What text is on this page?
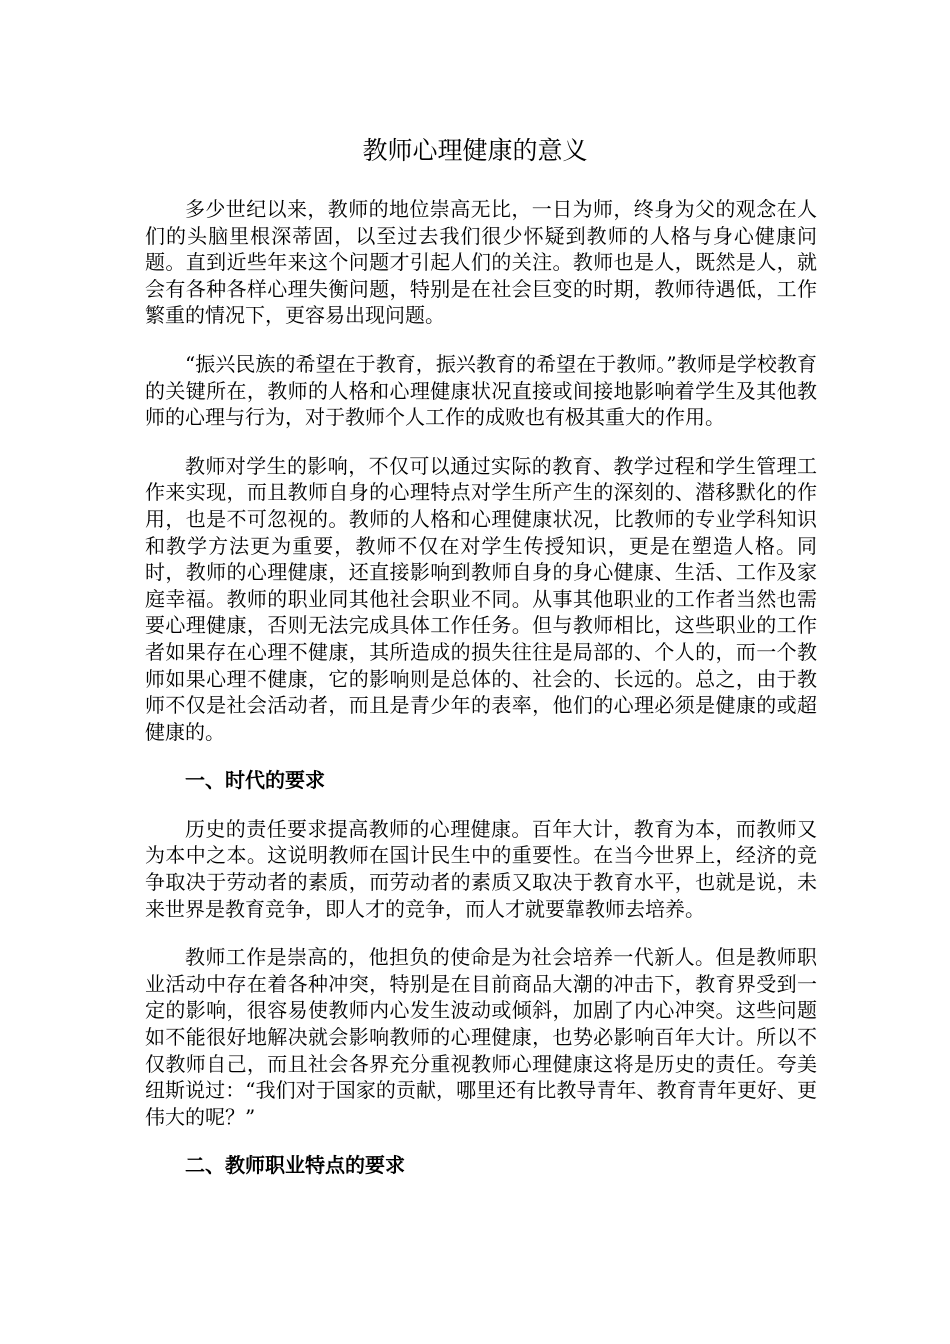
教师心理健康的意义

多少世纪以来，教师的地位崇高无比，一日为师，终身为父的观念在人们的头脑里根深蒂固，以至过去我们很少怀疑到教师的人格与身心健康问题。直到近些年来这个问题才引起人们的关注。教师也是人，既然是人，就会有各种各样心理失衡问题，特别是在社会巨变的时期，教师待遇低，工作繁重的情况下，更容易出现问题。

“振兴民族的希望在于教育，振兴教育的希望在于教师。”教师是学校教育的关键所在，教师的人格和心理健康状况直接或间接地影响着学生及其他教师的心理与行为，对于教师个人工作的成败也有极其重大的作用。

教师对学生的影响，不仅可以通过实际的教育、教学过程和学生管理工作来实现，而且教师自身的心理特点对学生所产生的深刻的、潜移默化的作用，也是不可忽视的。教师的人格和心理健康状况，比教师的专业学科知识和教学方法更为重要，教师不仅在对学生传授知识，更是在塑造人格。同时，教师的心理健康，还直接影响到教师自身的身心健康、生活、工作及家庭幸福。教师的职业同其他社会职业不同。从事其他职业的工作者当然也需要心理健康，否则无法完成具体工作任务。但与教师相比，这些职业的工作者如果存在心理不健康，其所造成的损失往往是局部的、个人的，而一个教师如果心理不健康，它的影响则是总体的、社会的、长远的。总之，由于教师不仅是社会活动者，而且是青少年的表率，他们的心理必须是健康的或超健康的。

一、时代的要求

历史的责任要求提高教师的心理健康。百年大计，教育为本，而教师又为本中之本。这说明教师在国计民生中的重要性。在当今世界上，经济的竞争取决于劳动者的素质，而劳动者的素质又取决于教育水平，也就是说，未来世界是教育竞争，即人才的竞争，而人才就要靠教师去培养。

教师工作是崇高的，他担负的使命是为社会培养一代新人。但是教师职业活动中存在着各种冲突，特别是在目前商品大潮的冲击下，教育界受到一定的影响，很容易使教师内心发生波动或倾斜，加剧了内心冲突。这些问题如不能很好地解决就会影响教师的心理健康，也势必影响百年大计。所以不仅教师自己，而且社会各界充分重视教师心理健康这将是历史的责任。夸美纽斯说过：“我们对于国家的贡献，哪里还有比教导青年、教育青年更好、更伟大的呢？”

二、教师职业特点的要求
